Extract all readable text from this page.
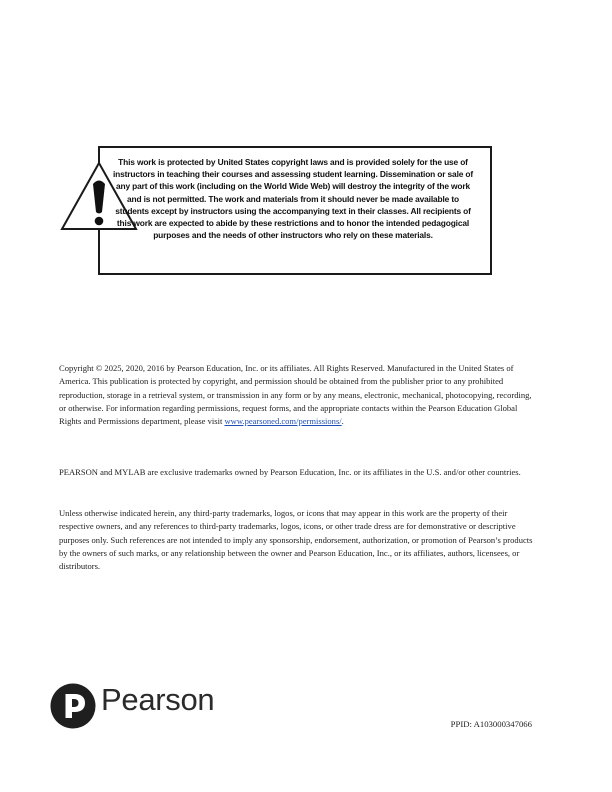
This work is protected by United States copyright laws and is provided solely for the use of instructors in teaching their courses and assessing student learning. Dissemination or sale of any part of this work (including on the World Wide Web) will destroy the integrity of the work and is not permitted. The work and materials from it should never be made available to students except by instructors using the accompanying text in their classes. All recipients of this work are expected to abide by these restrictions and to honor the intended pedagogical purposes and the needs of other instructors who rely on these materials.

Copyright © 2025, 2020, 2016 by Pearson Education, Inc. or its affiliates. All Rights Reserved. Manufactured in the United States of America. This publication is protected by copyright, and permission should be obtained from the publisher prior to any prohibited reproduction, storage in a retrieval system, or transmission in any form or by any means, electronic, mechanical, photocopying, recording, or otherwise. For information regarding permissions, request forms, and the appropriate contacts within the Pearson Education Global Rights and Permissions department, please visit www.pearsoned.com/permissions/.

PEARSON and MYLAB are exclusive trademarks owned by Pearson Education, Inc. or its affiliates in the U.S. and/or other countries.

Unless otherwise indicated herein, any third-party trademarks, logos, or icons that may appear in this work are the property of their respective owners, and any references to third-party trademarks, logos, icons, or other trade dress are for demonstrative or descriptive purposes only. Such references are not intended to imply any sponsorship, endorsement, authorization, or promotion of Pearson’s products by the owners of such marks, or any relationship between the owner and Pearson Education, Inc., or its affiliates, authors, licensees, or distributors.

Pearson
PPID: A103000347066
